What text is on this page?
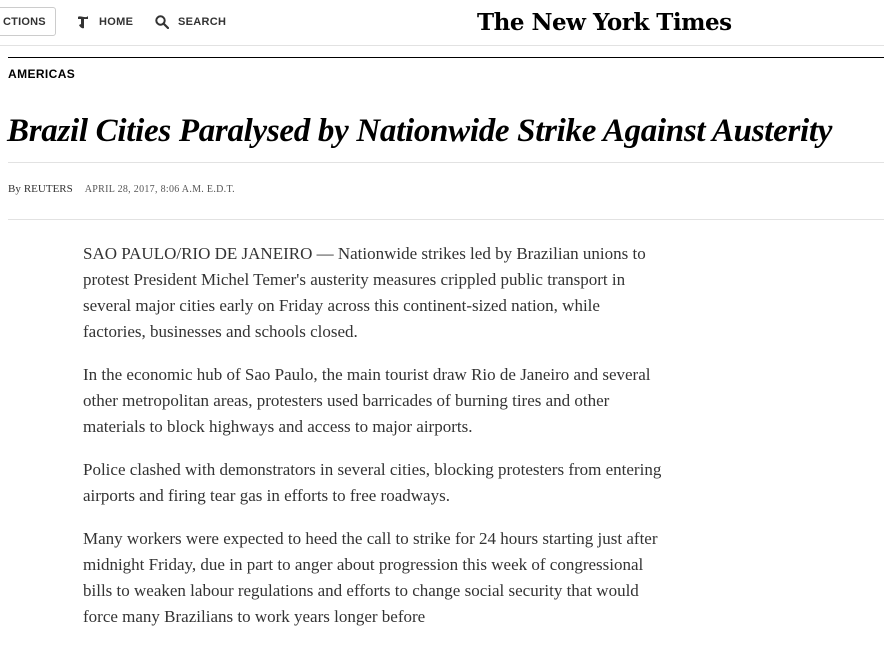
CTIONS	HOME	SEARCH	The New York Times
AMERICAS
Brazil Cities Paralysed by Nationwide Strike Against Austerity
By REUTERS APRIL 28, 2017, 8:06 A.M. E.D.T.

SAO PAULO/RIO DE JANEIRO — Nationwide strikes led by Brazilian unions to protest President Michel Temer's austerity measures crippled public transport in several major cities early on Friday across this continent-sized nation, while factories, businesses and schools closed.

In the economic hub of Sao Paulo, the main tourist draw Rio de Janeiro and several other metropolitan areas, protesters used barricades of burning tires and other materials to block highways and access to major airports.

Police clashed with demonstrators in several cities, blocking protesters from entering airports and firing tear gas in efforts to free roadways.

Many workers were expected to heed the call to strike for 24 hours starting just after midnight Friday, due in part to anger about progression this week of congressional bills to weaken labour regulations and efforts to change social security that would force many Brazilians to work years longer before
